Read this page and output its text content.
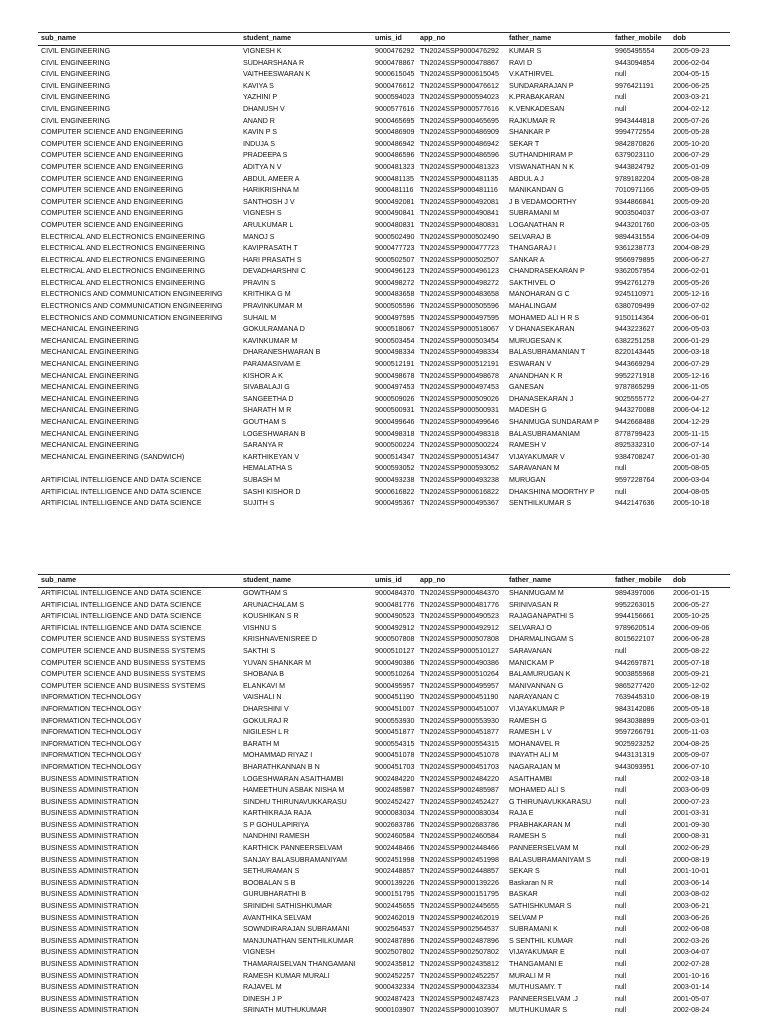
sub_name	student_name	umis_id	app_no	father_name	father_mobile	dob
CIVIL ENGINEERING	VIGNESH K	9000476292	TN2024SSP9000476292	KUMAR S	9965495554	2005-09-23
CIVIL ENGINEERING	SUDHARSHANA R	9000478867	TN2024SSP9000478867	RAVI D	9443094854	2006-02-04
CIVIL ENGINEERING	VAITHEESWARAN K	9000615045	TN2024SSP9000615045	V.KATHIRVEL	null	2004-05-15
CIVIL ENGINEERING	KAVIYA S	9000476612	TN2024SSP9000476612	SUNDARARAJAN P	9976421191	2006-06-25
CIVIL ENGINEERING	YAZHINI P	9000594023	TN2024SSP9000594023	K.PRABAKARAN	null	2003-03-21
CIVIL ENGINEERING	DHANUSH V	9000577616	TN2024SSP9000577616	K.VENKADESAN	null	2004-02-12
CIVIL ENGINEERING	ANAND R	9000465695	TN2024SSP9000465695	RAJKUMAR R	9943444818	2005-07-26
COMPUTER SCIENCE AND ENGINEERING	KAVIN P S	9000486909	TN2024SSP9000486909	SHANKAR P	9994772554	2005-05-28
COMPUTER SCIENCE AND ENGINEERING	INDUJA S	9000486942	TN2024SSP9000486942	SEKAR T	9842870826	2005-10-20
COMPUTER SCIENCE AND ENGINEERING	PRADEEPA S	9000486596	TN2024SSP9000486596	SUTHANDHIRAM P	6379023110	2006-07-29
COMPUTER SCIENCE AND ENGINEERING	ADITYA N V	9000481323	TN2024SSP9000481323	VISWANATHAN N K	9443824792	2005-01-09
COMPUTER SCIENCE AND ENGINEERING	ABDUL AMEER A	9000481135	TN2024SSP9000481135	ABDUL A J	9789182204	2005-08-28
COMPUTER SCIENCE AND ENGINEERING	HARIKRISHNA M	9000481116	TN2024SSP9000481116	MANIKANDAN G	7010971166	2005-09-05
COMPUTER SCIENCE AND ENGINEERING	SANTHOSH J V	9000492081	TN2024SSP9000492081	J B VEDAMOORTHY	9344866841	2005-09-20
COMPUTER SCIENCE AND ENGINEERING	VIGNESH S	9000490841	TN2024SSP9000490841	SUBRAMANI M	9003504037	2006-03-07
COMPUTER SCIENCE AND ENGINEERING	ARULKUMAR L	9000480831	TN2024SSP9000480831	LOGANATHAN R	9443201760	2006-03-05
ELECTRICAL AND ELECTRONICS ENGINEERING	MANOJ S	9000502490	TN2024SSP9000502490	SELVARAJ B	9894431554	2006-04-09
ELECTRICAL AND ELECTRONICS ENGINEERING	KAVIPRASATH T	9000477723	TN2024SSP9000477723	THANGARAJ I	9361238773	2004-08-29
ELECTRICAL AND ELECTRONICS ENGINEERING	HARI PRASATH S	9000502507	TN2024SSP9000502507	SANKAR A	9566979895	2006-06-27
ELECTRICAL AND ELECTRONICS ENGINEERING	DEVADHARSHNI C	9000496123	TN2024SSP9000496123	CHANDRASEKARAN P	9362057954	2006-02-01
ELECTRICAL AND ELECTRONICS ENGINEERING	PRAVIN S	9000498272	TN2024SSP9000498272	SAKTHIVEL O	9942761279	2005-05-26
ELECTRONICS AND COMMUNICATION ENGINEERING	KRITHIKA G M	9000483658	TN2024SSP9000483658	MANOHARAN G C	9245110971	2005-12-16
ELECTRONICS AND COMMUNICATION ENGINEERING	PRAVINKUMAR M	9000505596	TN2024SSP9000505596	MAHALINGAM	6380709499	2006-07-02
ELECTRONICS AND COMMUNICATION ENGINEERING	SUHAIL M	9000497595	TN2024SSP9000497595	MOHAMED ALI H R S	9150114364	2006-06-01
MECHANICAL ENGINEERING	GOKULRAMANA D	9000518067	TN2024SSP9000518067	V DHANASEKARAN	9443223627	2006-05-03
MECHANICAL ENGINEERING	KAVINKUMAR M	9000503454	TN2024SSP9000503454	MURUGESAN K	6382251258	2006-01-29
MECHANICAL ENGINEERING	DHARANESHWARAN B	9000498334	TN2024SSP9000498334	BALASUBRAMANIAN T	8220143445	2006-03-18
MECHANICAL ENGINEERING	PARAMASIVAM E	9000512191	TN2024SSP9000512191	ESWARAN V	9443669294	2006-07-29
MECHANICAL ENGINEERING	KISHOR A K	9000498678	TN2024SSP9000498678	ANANDHAN K R	9952271918	2005-12-16
MECHANICAL ENGINEERING	SIVABALAJI G	9000497453	TN2024SSP9000497453	GANESAN	9787865299	2006-11-05
MECHANICAL ENGINEERING	SANGEETHA D	9000509026	TN2024SSP9000509026	DHANASEKARAN J	9025555772	2006-04-27
MECHANICAL ENGINEERING	SHARATH M R	9000500931	TN2024SSP9000500931	MADESH G	9443270088	2006-04-12
MECHANICAL ENGINEERING	GOUTHAM S	9000499646	TN2024SSP9000499646	SHANMUGA SUNDARAM P	9442668488	2004-12-29
MECHANICAL ENGINEERING	LOGESHWARAN B	9000498318	TN2024SSP9000498318	BALASUBRAMANIAM	8778799423	2005-11-15
MECHANICAL ENGINEERING	SARANYA R	9000500224	TN2024SSP9000500224	RAMESH V	8925332310	2006-07-14
MECHANICAL ENGINEERING (SANDWICH)	KARTHIKEYAN V	9000514347	TN2024SSP9000514347	VIJAYAKUMAR V	9384708247	2006-01-30
	HEMALATHA S	9000593052	TN2024SSP9000593052	SARAVANAN M	null	2005-08-05
ARTIFICIAL INTELLIGENCE AND DATA SCIENCE	SUBASH M	9000493238	TN2024SSP9000493238	MURUGAN	9597228764	2006-03-04
ARTIFICIAL INTELLIGENCE AND DATA SCIENCE	SASHI KISHOR D	9000616822	TN2024SSP9000616822	DHAKSHINA MOORTHY P	null	2004-08-05
ARTIFICIAL INTELLIGENCE AND DATA SCIENCE	SUJITH S	9000495367	TN2024SSP9000495367	SENTHILKUMAR S	9442147636	2005-10-18
sub_name	student_name	umis_id	app_no	father_name	father_mobile	dob
ARTIFICIAL INTELLIGENCE AND DATA SCIENCE	GOWTHAM S	9000484370	TN2024SSP9000484370	SHANMUGAM M	9894397006	2006-01-15
ARTIFICIAL INTELLIGENCE AND DATA SCIENCE	ARUNACHALAM S	9000481776	TN2024SSP9000481776	SRINIVASAN R	9952263015	2006-05-27
ARTIFICIAL INTELLIGENCE AND DATA SCIENCE	KOUSHIKAN S R	9000490523	TN2024SSP9000490523	RAJAGANAPATHI S	9944156661	2005-10-25
ARTIFICIAL INTELLIGENCE AND DATA SCIENCE	VISHNU S	9000492912	TN2024SSP9000492912	SELVARAJ O	9789620514	2006-09-06
COMPUTER SCIENCE AND BUSINESS SYSTEMS	KRISHNAVENISREE D	9000507808	TN2024SSP9000507808	DHARMALINGAM S	8015622107	2006-06-28
COMPUTER SCIENCE AND BUSINESS SYSTEMS	SAKTHI S	9000510127	TN2024SSP9000510127	SARAVANAN	null	2005-08-22
COMPUTER SCIENCE AND BUSINESS SYSTEMS	YUVAN SHANKAR M	9000490386	TN2024SSP9000490386	MANICKAM P	9442697871	2005-07-18
COMPUTER SCIENCE AND BUSINESS SYSTEMS	SHOBANA B	9000510264	TN2024SSP9000510264	BALAMURUGAN K	9003855968	2005-09-21
COMPUTER SCIENCE AND BUSINESS SYSTEMS	ELANKAVI M	9000495957	TN2024SSP9000495957	MANIVANNAN G	9865277420	2005-12-02
INFORMATION TECHNOLOGY	VAISHALI N	9000451190	TN2024SSP9000451190	NARAYANAN C	7639445310	2006-08-19
INFORMATION TECHNOLOGY	DHARSHINI V	9000451007	TN2024SSP9000451007	VIJAYAKUMAR P	9843142086	2005-05-18
INFORMATION TECHNOLOGY	GOKULRAJ R	9000553930	TN2024SSP9000553930	RAMESH G	9843038899	2005-03-01
INFORMATION TECHNOLOGY	NIGILESH L R	9000451877	TN2024SSP9000451877	RAMESH L V	9597266791	2005-11-03
INFORMATION TECHNOLOGY	BARATH M	9000554315	TN2024SSP9000554315	MOHANAVEL R	9025923252	2004-08-25
INFORMATION TECHNOLOGY	MOHAMMAD RIYAZ I	9000451078	TN2024SSP9000451078	INAYATH ALI M	9443131319	2005-09-07
INFORMATION TECHNOLOGY	BHARATHKANNAN B N	9000451703	TN2024SSP9000451703	NAGARAJAN M	9443093951	2006-07-10
BUSINESS ADMINISTRATION	LOGESHWARAN ASAITHAMBI	9002484220	TN2024SSP9002484220	ASAITHAMBI	null	2002-03-18
BUSINESS ADMINISTRATION	HAMEETHUN ASBAK NISHA M	9002485987	TN2024SSP9002485987	MOHAMED ALI S	null	2003-06-09
BUSINESS ADMINISTRATION	SINDHU THIRUNAVUKKARASU	9002452427	TN2024SSP9002452427	G THIRUNAVUKKARASU	null	2000-07-23
BUSINESS ADMINISTRATION	KARTHIKRAJA RAJA	9000083034	TN2024SSP9000083034	RAJA E	null	2001-03-31
BUSINESS ADMINISTRATION	S P GOHULAPIRIYA	9002683786	TN2024SSP9002683786	PRABHAKARAN M	null	2001-09-30
BUSINESS ADMINISTRATION	NANDHINI RAMESH	9002460584	TN2024SSP9002460584	RAMESH S	null	2000-08-31
BUSINESS ADMINISTRATION	KARTHICK PANNEERSELVAM	9002448466	TN2024SSP9002448466	PANNEERSELVAM M	null	2002-06-29
BUSINESS ADMINISTRATION	SANJAY BALASUBRAMANIYAM	9002451998	TN2024SSP9002451998	BALASUBRAMANIYAM S	null	2000-08-19
BUSINESS ADMINISTRATION	SETHURAMAN S	9002448857	TN2024SSP9002448857	SEKAR S	null	2001-10-01
BUSINESS ADMINISTRATION	BOOBALAN S B	9000139226	TN2024SSP9000139226	Baskaran N R	null	2003-06-14
BUSINESS ADMINISTRATION	GURUBHARATHI B	9000151795	TN2024SSP9000151795	BASKAR	null	2003-08-02
BUSINESS ADMINISTRATION	SRINIDHI SATHISHKUMAR	9002445655	TN2024SSP9002445655	SATHISHKUMAR S	null	2003-06-21
BUSINESS ADMINISTRATION	AVANTHIKA SELVAM	9002462019	TN2024SSP9002462019	SELVAM P	null	2003-06-26
BUSINESS ADMINISTRATION	SOWNDIRARAJAN SUBRAMANI	9002564537	TN2024SSP9002564537	SUBRAMANI K	null	2002-06-08
BUSINESS ADMINISTRATION	MANJUNATHAN SENTHILKUMAR	9002487896	TN2024SSP9002487896	S SENTHIL KUMAR	null	2002-03-26
BUSINESS ADMINISTRATION	VIGNESH	9002507802	TN2024SSP9002507802	VIJAYAKUMAR E	null	2003-04-07
BUSINESS ADMINISTRATION	THAMARAISELVAN THANGAMANI	9002435812	TN2024SSP9002435812	THANGAMANI E	null	2002-07-28
BUSINESS ADMINISTRATION	RAMESH KUMAR MURALI	9002452257	TN2024SSP9002452257	MURALI M R	null	2001-10-16
BUSINESS ADMINISTRATION	RAJAVEL M	9000432334	TN2024SSP9000432334	MUTHUSAMY. T	null	2003-01-14
BUSINESS ADMINISTRATION	DINESH J P	9002487423	TN2024SSP9002487423	PANNEERSELVAM .J	null	2001-05-07
BUSINESS ADMINISTRATION	SRINATH MUTHUKUMAR	9000103907	TN2024SSP9000103907	MUTHUKUMAR S	null	2002-08-24
